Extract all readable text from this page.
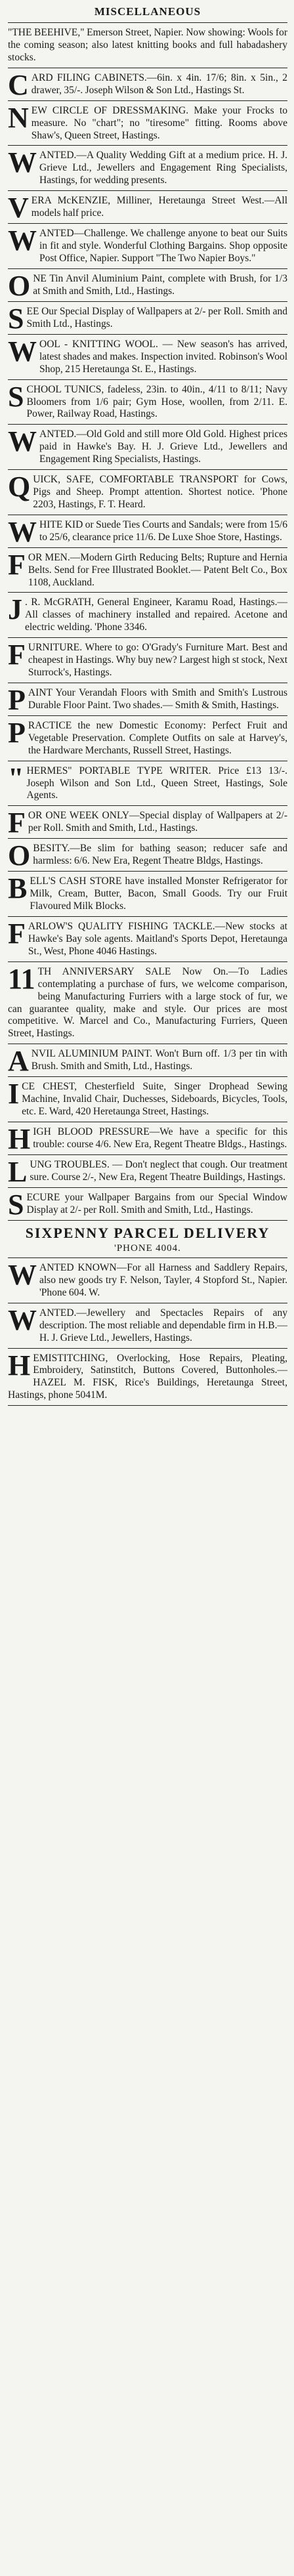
MISCELLANEOUS

"THE BEEHIVE," Emerson Street, Napier. Now showing: Wools for the coming season; also latest knitting books and full habadashery stocks.

C ARD FILING CABINETS.—6in. x 4in. 17/6; 8in. x 5in., 2 drawer, 35/-. Joseph Wilson & Son Ltd., Hastings St.

N EW CIRCLE OF DRESSMAKING. Make your Frocks to measure. No "chart"; no "tiresome" fitting. Rooms above Shaw's, Queen Street, Hastings.

W ANTED.—A Quality Wedding Gift at a medium price. H. J. Grieve Ltd., Jewellers and Engagement Ring Specialists, Hastings, for wedding presents.

V ERA McKENZIE, Milliner, Heretaunga Street West.—All models half price.

W ANTED—Challenge. We challenge anyone to beat our Suits in fit and style. Wonderful Clothing Bargains. Shop opposite Post Office, Napier. Support "The Two Napier Boys."

O NE Tin Anvil Aluminium Paint, complete with Brush, for 1/3 at Smith and Smith, Ltd., Hastings.

S EE Our Special Display of Wallpapers at 2/- per Roll. Smith and Smith Ltd., Hastings.

W OOL - KNITTING WOOL. — New season's has arrived, latest shades and makes. Inspection invited. Robinson's Wool Shop, 215 Heretaunga St. E., Hastings.

S CHOOL TUNICS, fadeless, 23in. to 40in., 4/11 to 8/11; Navy Bloomers from 1/6 pair; Gym Hose, woollen, from 2/11. E. Power, Railway Road, Hastings.

W ANTED.—Old Gold and still more Old Gold. Highest prices paid in Hawke's Bay. H. J. Grieve Ltd., Jewellers and Engagement Ring Specialists, Hastings.

Q UICK, SAFE, COMFORTABLE TRANSPORT for Cows, Pigs and Sheep. Prompt attention. Shortest notice. 'Phone 2203, Hastings, F. T. Heard.

W HITE KID or Suede Ties Courts and Sandals; were from 15/6 to 25/6, clearance price 11/6. De Luxe Shoe Store, Hastings.

F OR MEN.—Modern Girth Reducing Belts; Rupture and Hernia Belts. Send for Free Illustrated Booklet.— Patent Belt Co., Box 1108, Auckland.

J . R. McGRATH, General Engineer, Karamu Road, Hastings.—All classes of machinery installed and repaired. Acetone and electric welding. 'Phone 3346.

F URNITURE. Where to go: O'Grady's Furniture Mart. Best and cheapest in Hastings. Why buy new? Largest high st stock, Next Sturrock's, Hastings.

P AINT Your Verandah Floors with Smith and Smith's Lustrous Durable Floor Paint. Two shades.— Smith & Smith, Hastings.

P RACTICE the new Domestic Economy: Perfect Fruit and Vegetable Preservation. Complete Outfits on sale at Harvey's, the Hardware Merchants, Russell Street, Hastings.

" HERMES" PORTABLE TYPE WRITER. Price £13 13/-. Joseph Wilson and Son Ltd., Queen Street, Hastings, Sole Agents.

F OR ONE WEEK ONLY—Special display of Wallpapers at 2/- per Roll. Smith and Smith, Ltd., Hastings.

O BESITY.—Be slim for bathing season; reducer safe and harmless: 6/6. New Era, Regent Theatre Bldgs, Hastings.

B ELL'S CASH STORE have installed Monster Refrigerator for Milk, Cream, Butter, Bacon, Small Goods. Try our Fruit Flavoured Milk Blocks.

F ARLOW'S QUALITY FISHING TACKLE.—New stocks at Hawke's Bay sole agents. Maitland's Sports Depot, Heretaunga St., West, Phone 4046 Hastings.

11 TH ANNIVERSARY SALE Now On.—To Ladies contemplating a purchase of furs, we welcome comparison, being Manufacturing Furriers with a large stock of fur, we can guarantee quality, make and style. Our prices are most competitive. W. Marcel and Co., Manufacturing Furriers, Queen Street, Hastings.

A NVIL ALUMINIUM PAINT. Won't Burn off. 1/3 per tin with Brush. Smith and Smith, Ltd., Hastings.

I CE CHEST, Chesterfield Suite, Singer Drophead Sewing Machine, Invalid Chair, Duchesses, Sideboards, Bicycles, Tools, etc. E. Ward, 420 Heretaunga Street, Hastings.

H IGH BLOOD PRESSURE—We have a specific for this trouble: course 4/6. New Era, Regent Theatre Bldgs., Hastings.

L UNG TROUBLES. — Don't neglect that cough. Our treatment sure. Course 2/-, New Era, Regent Theatre Buildings, Hastings.

S ECURE your Wallpaper Bargains from our Special Window Display at 2/- per Roll. Smith and Smith, Ltd., Hastings.

SIXPENNY PARCEL DELIVERY
'PHONE 4004.
W ANTED KNOWN—For all Harness and Saddlery Repairs, also new goods try F. Nelson, Tayler, 4 Stopford St., Napier. 'Phone 604. W.

W ANTED.—Jewellery and Spectacles Repairs of any description. The most reliable and dependable firm in H.B.—H. J. Grieve Ltd., Jewellers, Hastings.

H EMISTITCHING, Overlocking, Hose Repairs, Pleating, Embroidery, Satinstitch, Buttons Covered, Buttonholes.—HAZEL M. FISK, Rice's Buildings, Heretaunga Street, Hastings, phone 5041M.
